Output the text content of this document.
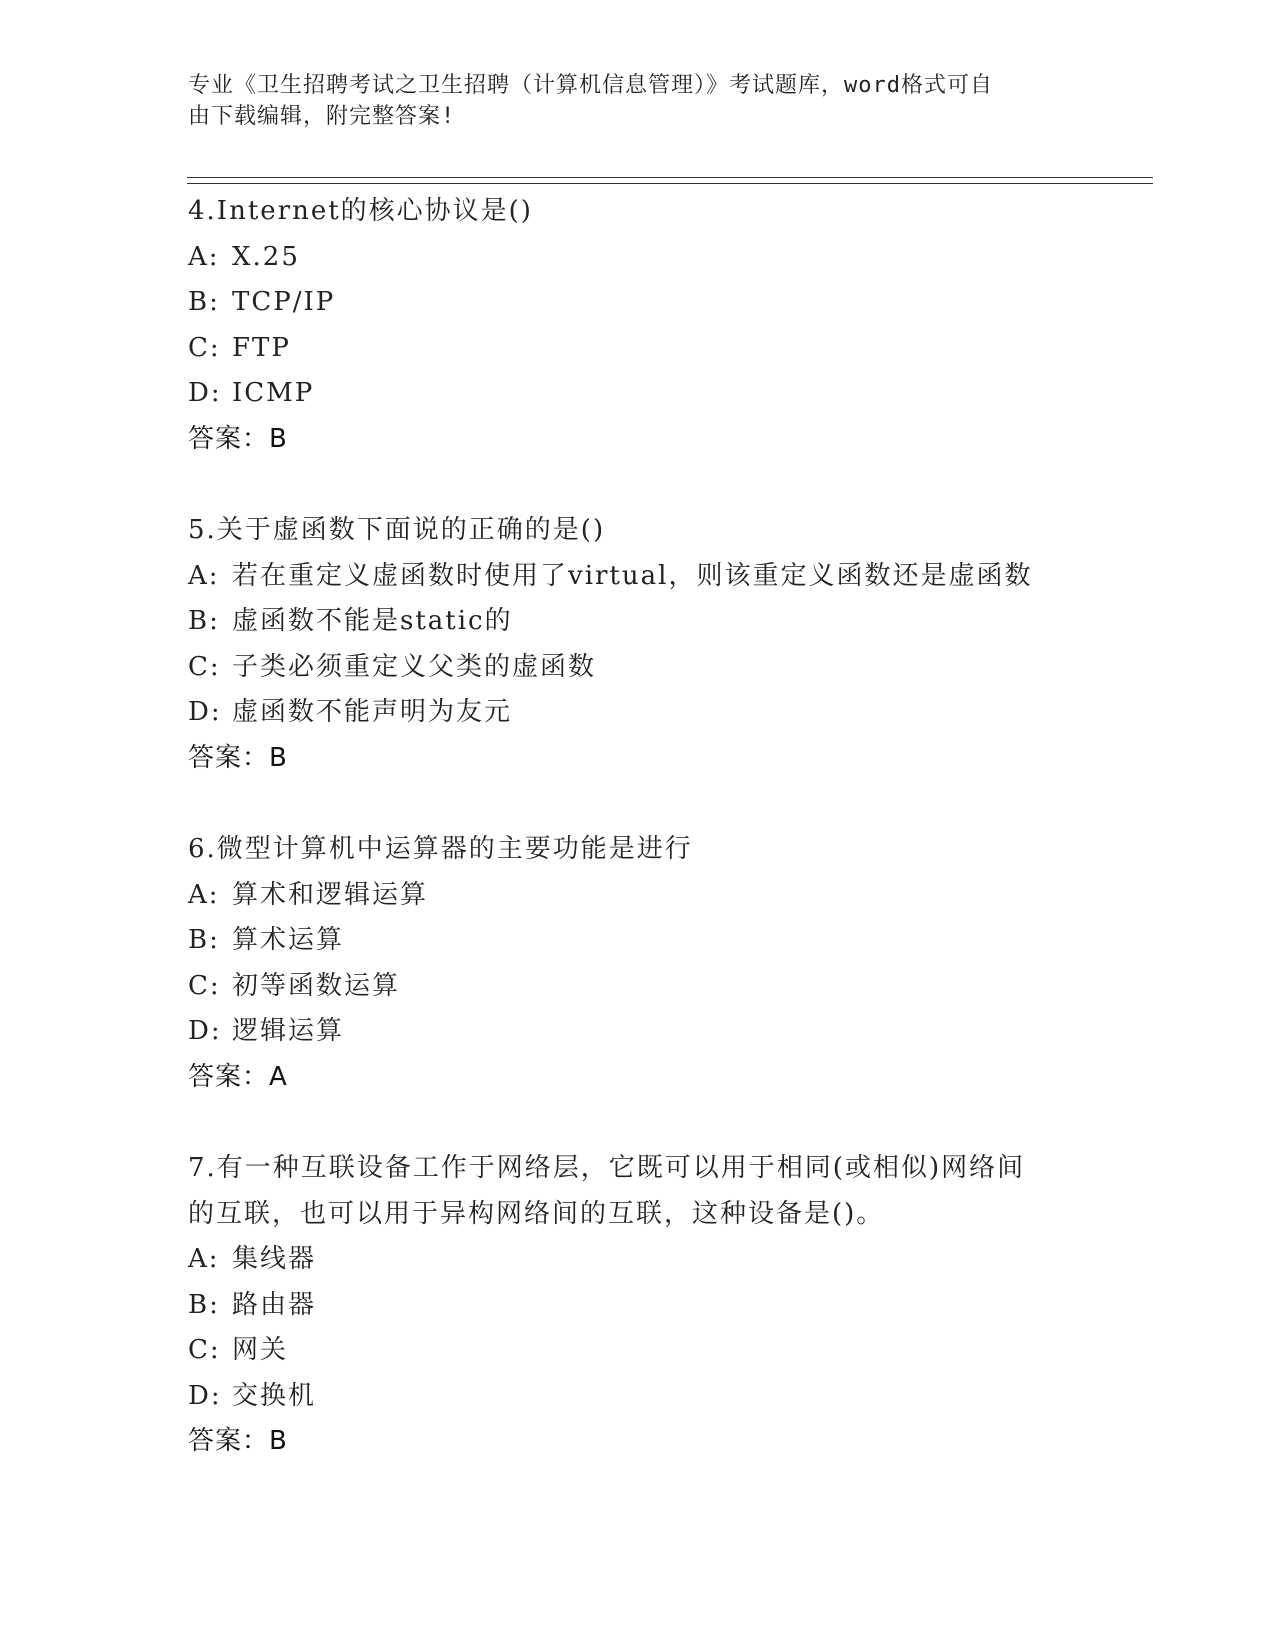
专业《卫生招聘考试之卫生招聘（计算机信息管理）》考试题库，word格式可自
由下载编辑，附完整答案!
4.Internet的核心协议是()
A: X.25
B: TCP/IP
C: FTP
D: ICMP
答案：B
5.关于虚函数下面说的正确的是()
A: 若在重定义虚函数时使用了virtual，则该重定义函数还是虚函数
B: 虚函数不能是static的
C: 子类必须重定义父类的虚函数
D: 虚函数不能声明为友元
答案：B
6.微型计算机中运算器的主要功能是进行
A: 算术和逻辑运算
B: 算术运算
C: 初等函数运算
D: 逻辑运算
答案：A
7.有一种互联设备工作于网络层，它既可以用于相同(或相似)网络间
的互联，也可以用于异构网络间的互联，这种设备是()。
A: 集线器
B: 路由器
C: 网关
D: 交换机
答案：B
